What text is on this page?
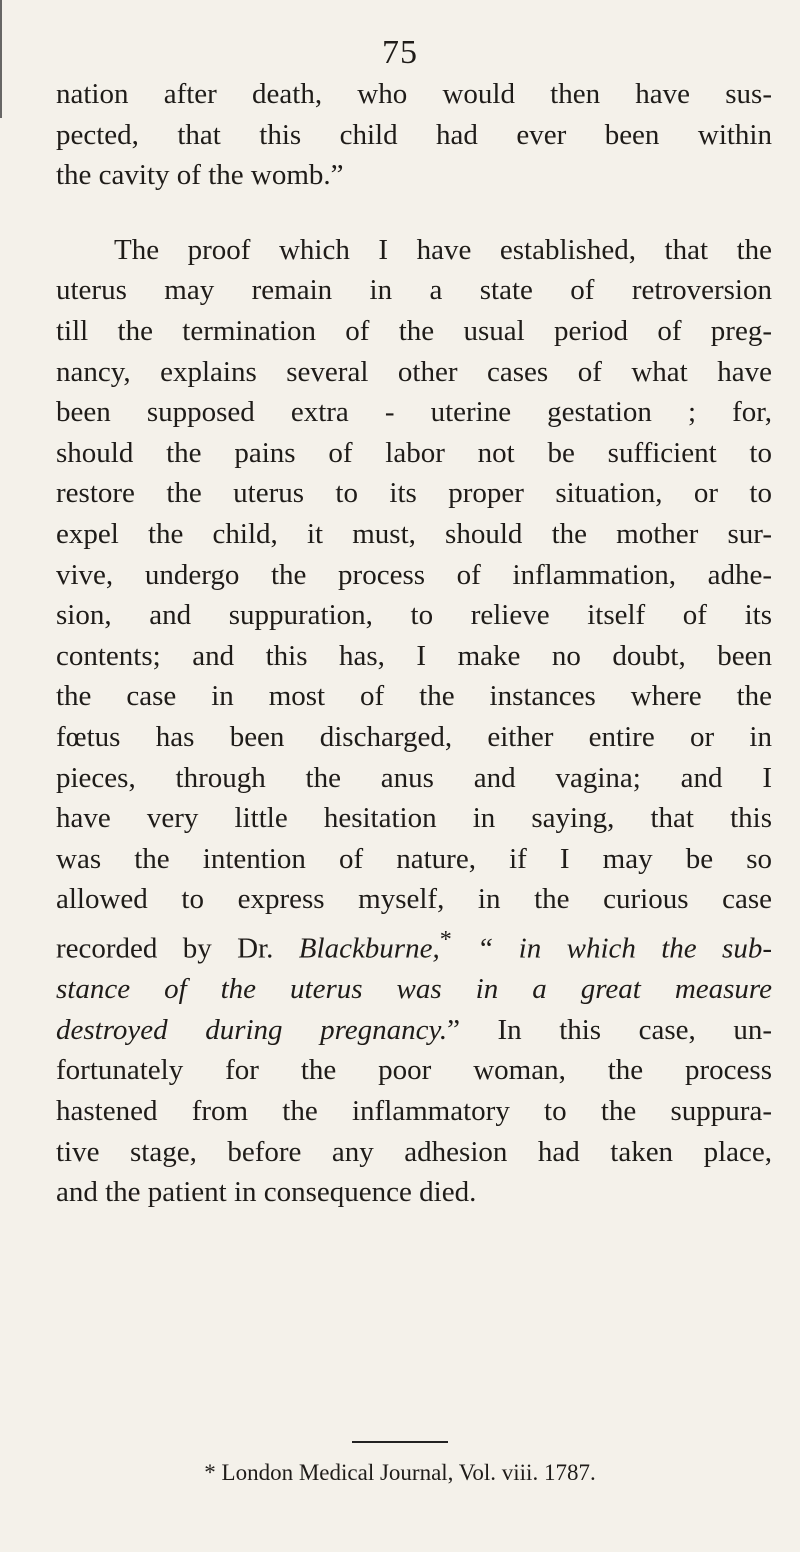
75
nation after death, who would then have sus-
pected, that this child had ever been within
the cavity of the womb.”
The proof which I have established, that the
uterus may remain in a state of retroversion
till the termination of the usual period of preg-
nancy, explains several other cases of what have
been supposed extra - uterine gestation ; for,
should the pains of labor not be sufficient to
restore the uterus to its proper situation, or to
expel the child, it must, should the mother sur-
vive, undergo the process of inflammation, adhe-
sion, and suppuration, to relieve itself of its
contents; and this has, I make no doubt, been
the case in most of the instances where the
fœtus has been discharged, either entire or in
pieces, through the anus and vagina; and I
have very little hesitation in saying, that this
was the intention of nature, if I may be so
allowed to express myself, in the curious case
recorded by Dr. Blackburne,* “ in which the sub-
stance of the uterus was in a great measure
destroyed during pregnancy.” In this case, un-
fortunately for the poor woman, the process
hastened from the inflammatory to the suppura-
tive stage, before any adhesion had taken place,
and the patient in consequence died.
* London Medical Journal, Vol. viii. 1787.
